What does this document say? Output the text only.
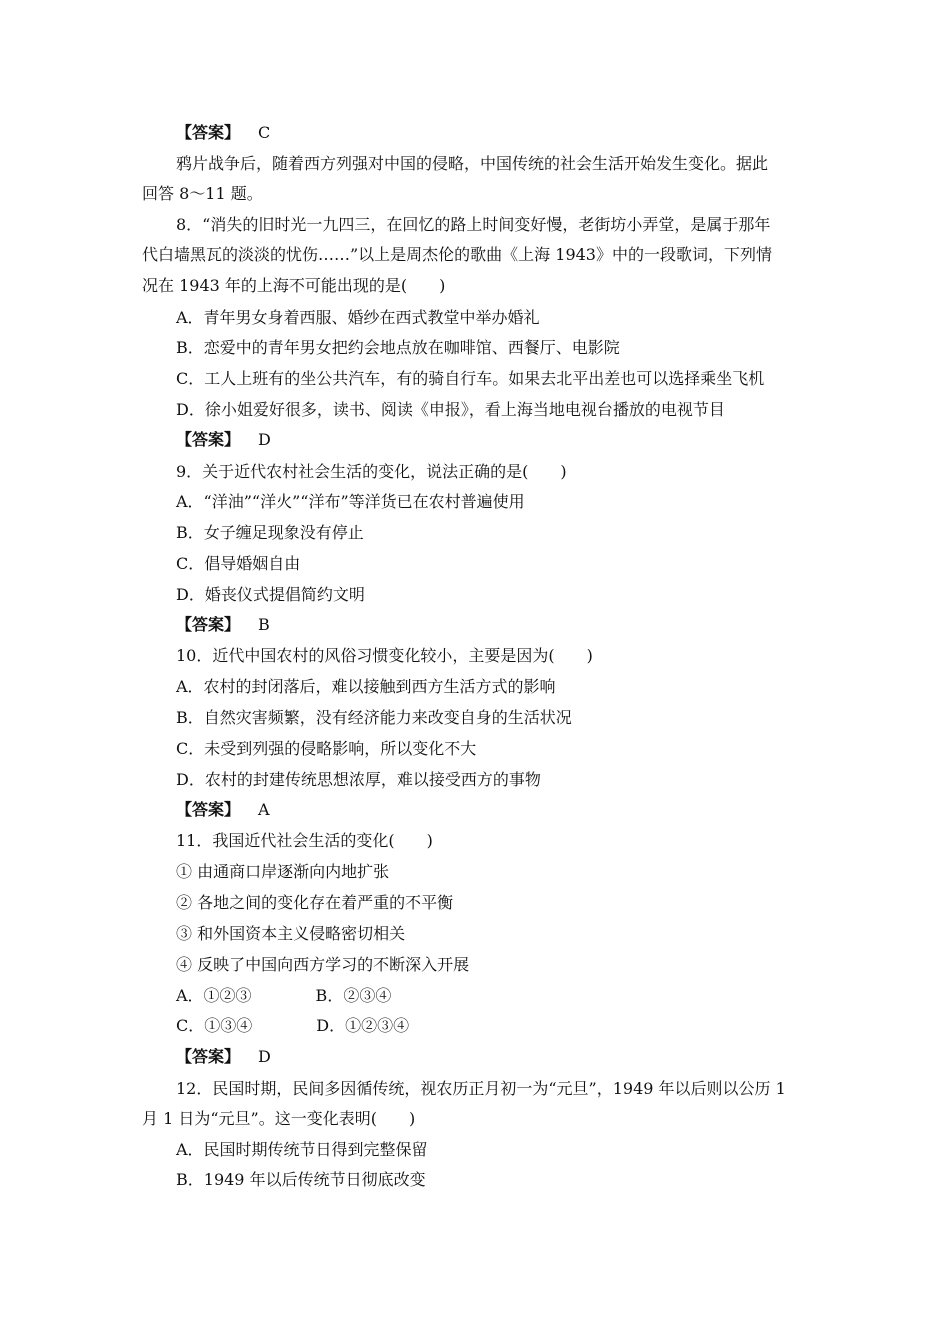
【答案】 C
鸦片战争后，随着西方列强对中国的侵略，中国传统的社会生活开始发生变化。据此
回答 8～11 题。
8．“消失的旧时光一九四三，在回忆的路上时间变好慢，老街坊小弄堂，是属于那年
代白墙黑瓦的淡淡的忧伤……”以上是周杰伦的歌曲《上海 1943》中的一段歌词，下列情
况在 1943 年的上海不可能出现的是(　　)
A．青年男女身着西服、婚纱在西式教堂中举办婚礼
B．恋爱中的青年男女把约会地点放在咖啡馆、西餐厅、电影院
C．工人上班有的坐公共汽车，有的骑自行车。如果去北平出差也可以选择乘坐飞机
D．徐小姐爱好很多，读书、阅读《申报》，看上海当地电视台播放的电视节目
【答案】 D
9．关于近代农村社会生活的变化，说法正确的是(　　)
A．“洋油”“洋火”“洋布”等洋货已在农村普遍使用
B．女子缠足现象没有停止
C．倡导婚姻自由
D．婚丧仪式提倡简约文明
【答案】 B
10．近代中国农村的风俗习惯变化较小，主要是因为(　　)
A．农村的封闭落后，难以接触到西方生活方式的影响
B．自然灾害频繁，没有经济能力来改变自身的生活状况
C．未受到列强的侵略影响，所以变化不大
D．农村的封建传统思想浓厚，难以接受西方的事物
【答案】 A
11．我国近代社会生活的变化(　　)
① 由通商口岸逐渐向内地扩张
② 各地之间的变化存在着严重的不平衡
③ 和外国资本主义侵略密切相关
④ 反映了中国向西方学习的不断深入开展
A．①②③　　　　B．②③④
C．①③④　　　　D．①②③④
【答案】 D
12．民国时期，民间多因循传统，视农历正月初一为“元旦”，1949 年以后则以公历 1
月 1 日为“元旦”。这一变化表明(　　)
A．民国时期传统节日得到完整保留
B．1949 年以后传统节日彻底改变
